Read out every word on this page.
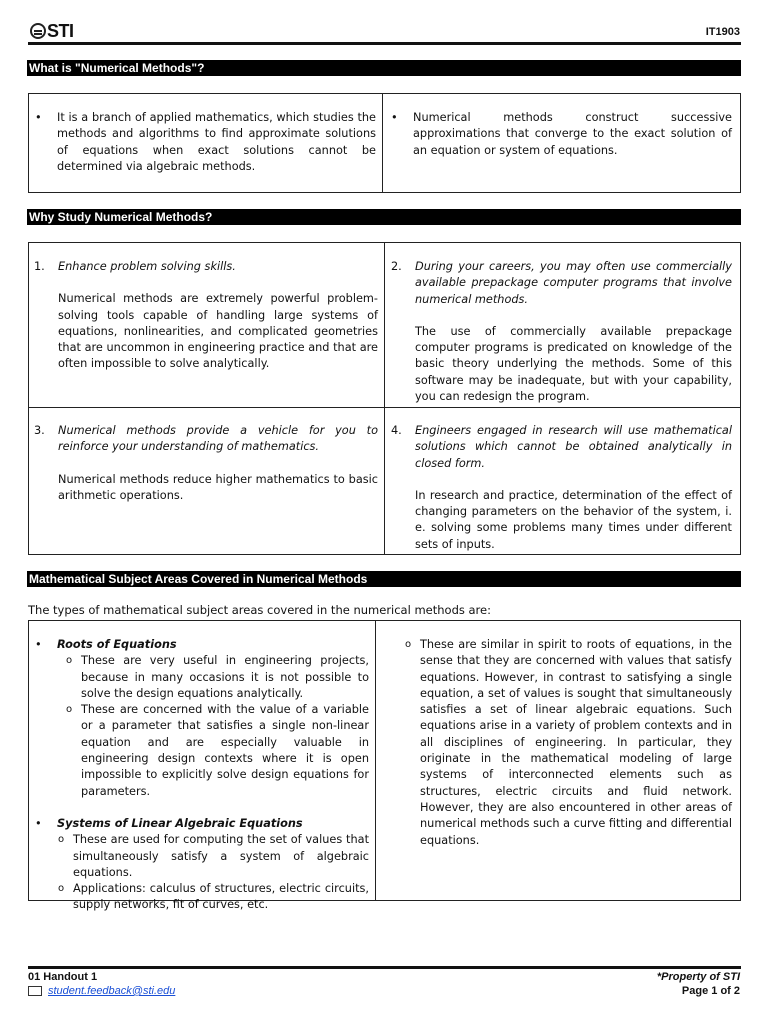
STI	IT1903
What is "Numerical Methods"?
•	It is a branch of applied mathematics, which studies the methods and algorithms to find approximate solutions of equations when exact solutions cannot be determined via algebraic methods.
•	Numerical methods construct successive approximations that converge to the exact solution of an equation or system of equations.
Why Study Numerical Methods?
1.	Enhance problem solving skills.
Numerical methods are extremely powerful problem-solving tools capable of handling large systems of equations, nonlinearities, and complicated geometries that are uncommon in engineering practice and that are often impossible to solve analytically.
3.	Numerical methods provide a vehicle for you to reinforce your understanding of mathematics.
Numerical methods reduce higher mathematics to basic arithmetic operations.
2.	During your careers, you may often use commercially available prepackage computer programs that involve numerical methods.
The use of commercially available prepackage computer programs is predicated on knowledge of the basic theory underlying the methods. Some of this software may be inadequate, but with your capability, you can redesign the program.
4.	Engineers engaged in research will use mathematical solutions which cannot be obtained analytically in closed form.
In research and practice, determination of the effect of changing parameters on the behavior of the system, i. e. solving some problems many times under different sets of inputs.
Mathematical Subject Areas Covered in Numerical Methods
The types of mathematical subject areas covered in the numerical methods are:
•	Roots of Equations
o These are very useful in engineering projects, because in many occasions it is not possible to solve the design equations analytically.
o These are concerned with the value of a variable or a parameter that satisfies a single non-linear equation and are especially valuable in engineering design contexts where it is open impossible to explicitly solve design equations for parameters.
•	Systems of Linear Algebraic Equations
o These are used for computing the set of values that simultaneously satisfy a system of algebraic equations.
o Applications: calculus of structures, electric circuits, supply networks, fit of curves, etc.
o These are similar in spirit to roots of equations, in the sense that they are concerned with values that satisfy equations. However, in contrast to satisfying a single equation, a set of values is sought that simultaneously satisfies a set of linear algebraic equations. Such equations arise in a variety of problem contexts and in all disciplines of engineering. In particular, they originate in the mathematical modeling of large systems of interconnected elements such as structures, electric circuits and fluid network. However, they are also encountered in other areas of numerical methods such a curve fitting and differential equations.
01 Handout 1
student.feedback@sti.edu
*Property of STI
Page 1 of 2
